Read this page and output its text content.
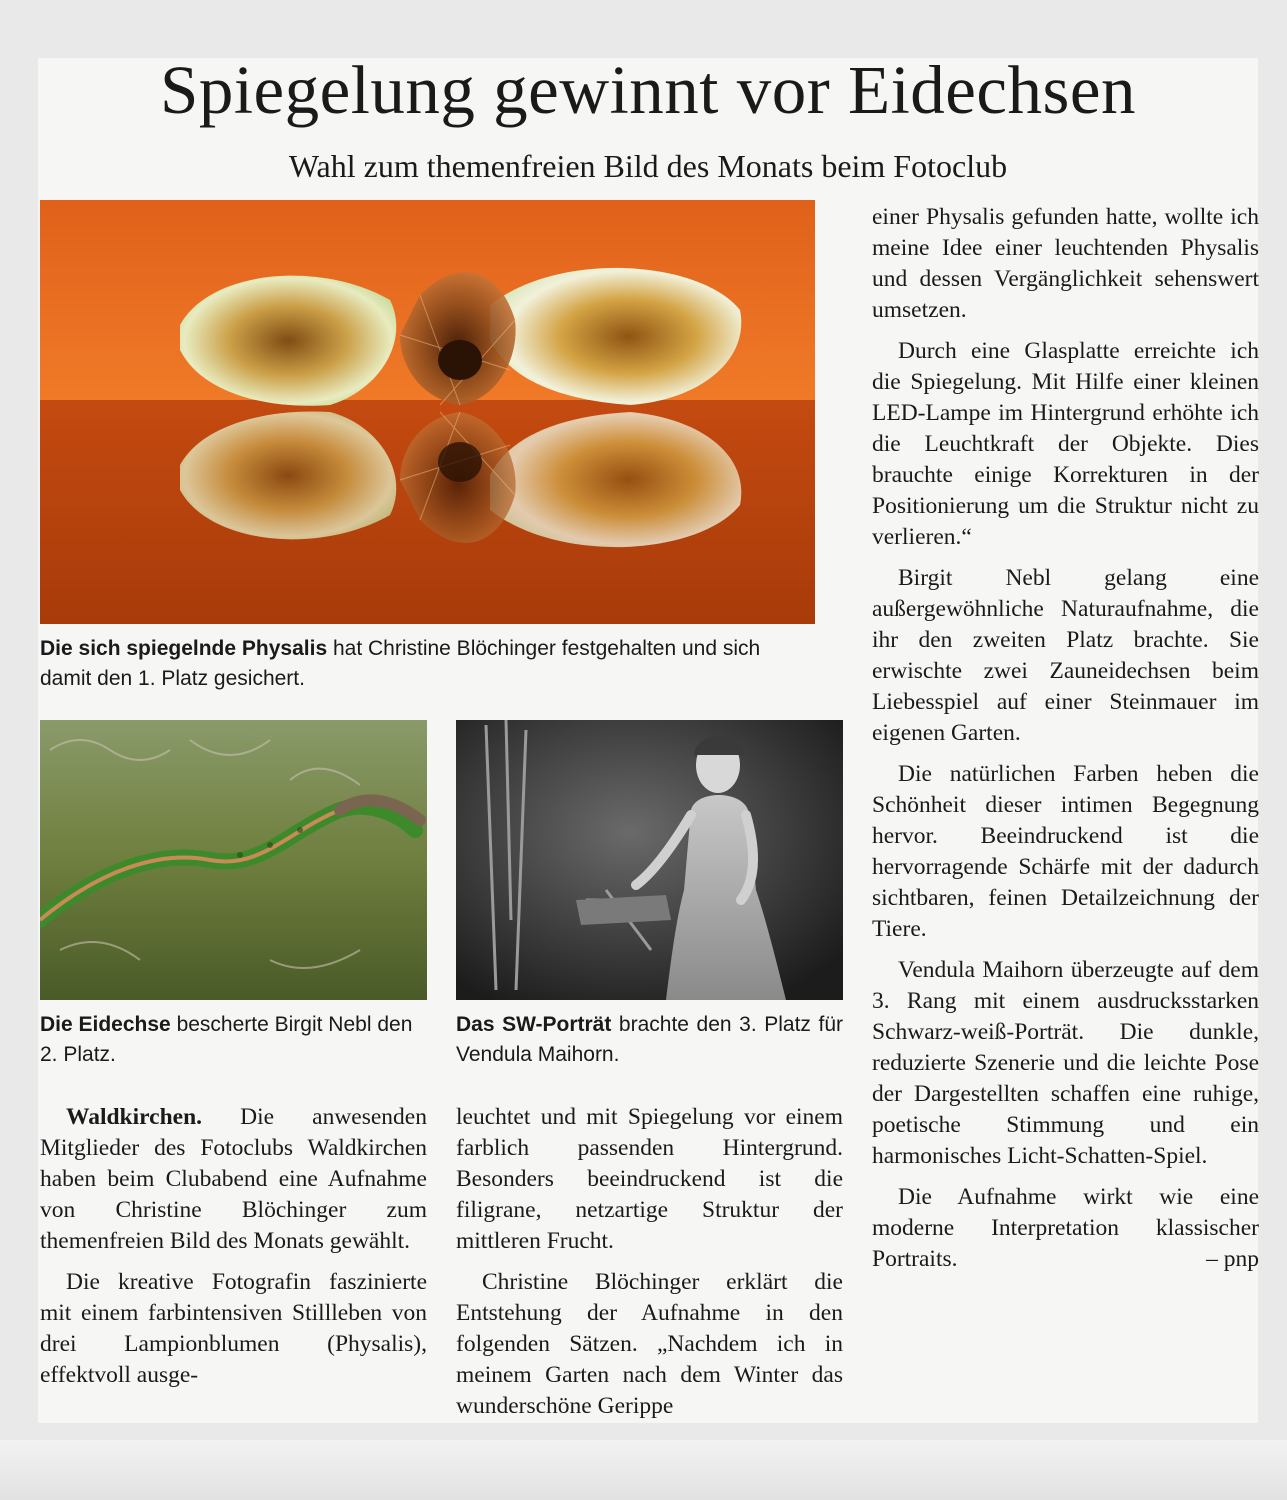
Spiegelung gewinnt vor Eidechsen
Wahl zum themenfreien Bild des Monats beim Fotoclub

Die sich spiegelnde Physalis hat Christine Blöchinger festgehalten und sich damit den 1. Platz gesichert.

Die Eidechse bescherte Birgit Nebl den 2. Platz.

Das SW-Porträt brachte den 3. Platz für Vendula Maihorn.

Waldkirchen. Die anwesenden Mitglieder des Fotoclubs Waldkirchen haben beim Clubabend eine Aufnahme von Christine Blöchinger zum themenfreien Bild des Monats gewählt.

Die kreative Fotografin faszinierte mit einem farbintensiven Stillleben von drei Lampionblumen (Physalis), effektvoll ausge-

leuchtet und mit Spiegelung vor einem farblich passenden Hintergrund. Besonders beeindruckend ist die filigrane, netzartige Struktur der mittleren Frucht.

Christine Blöchinger erklärt die Entstehung der Aufnahme in den folgenden Sätzen. „Nachdem ich in meinem Garten nach dem Winter das wunderschöne Gerippe

einer Physalis gefunden hatte, wollte ich meine Idee einer leuchtenden Physalis und dessen Vergänglichkeit sehenswert umsetzen.

Durch eine Glasplatte erreichte ich die Spiegelung. Mit Hilfe einer kleinen LED-Lampe im Hintergrund erhöhte ich die Leuchtkraft der Objekte. Dies brauchte einige Korrekturen in der Positionierung um die Struktur nicht zu verlieren.“

Birgit Nebl gelang eine außergewöhnliche Naturaufnahme, die ihr den zweiten Platz brachte. Sie erwischte zwei Zauneidechsen beim Liebesspiel auf einer Steinmauer im eigenen Garten.

Die natürlichen Farben heben die Schönheit dieser intimen Begegnung hervor. Beeindruckend ist die hervorragende Schärfe mit der dadurch sichtbaren, feinen Detailzeichnung der Tiere.

Vendula Maihorn überzeugte auf dem 3. Rang mit einem ausdrucksstarken Schwarz-weiß-Porträt. Die dunkle, reduzierte Szenerie und die leichte Pose der Dargestellten schaffen eine ruhige, poetische Stimmung und ein harmonisches Licht-Schatten-Spiel.

Die Aufnahme wirkt wie eine moderne Interpretation klassischer Portraits.	– pnp
